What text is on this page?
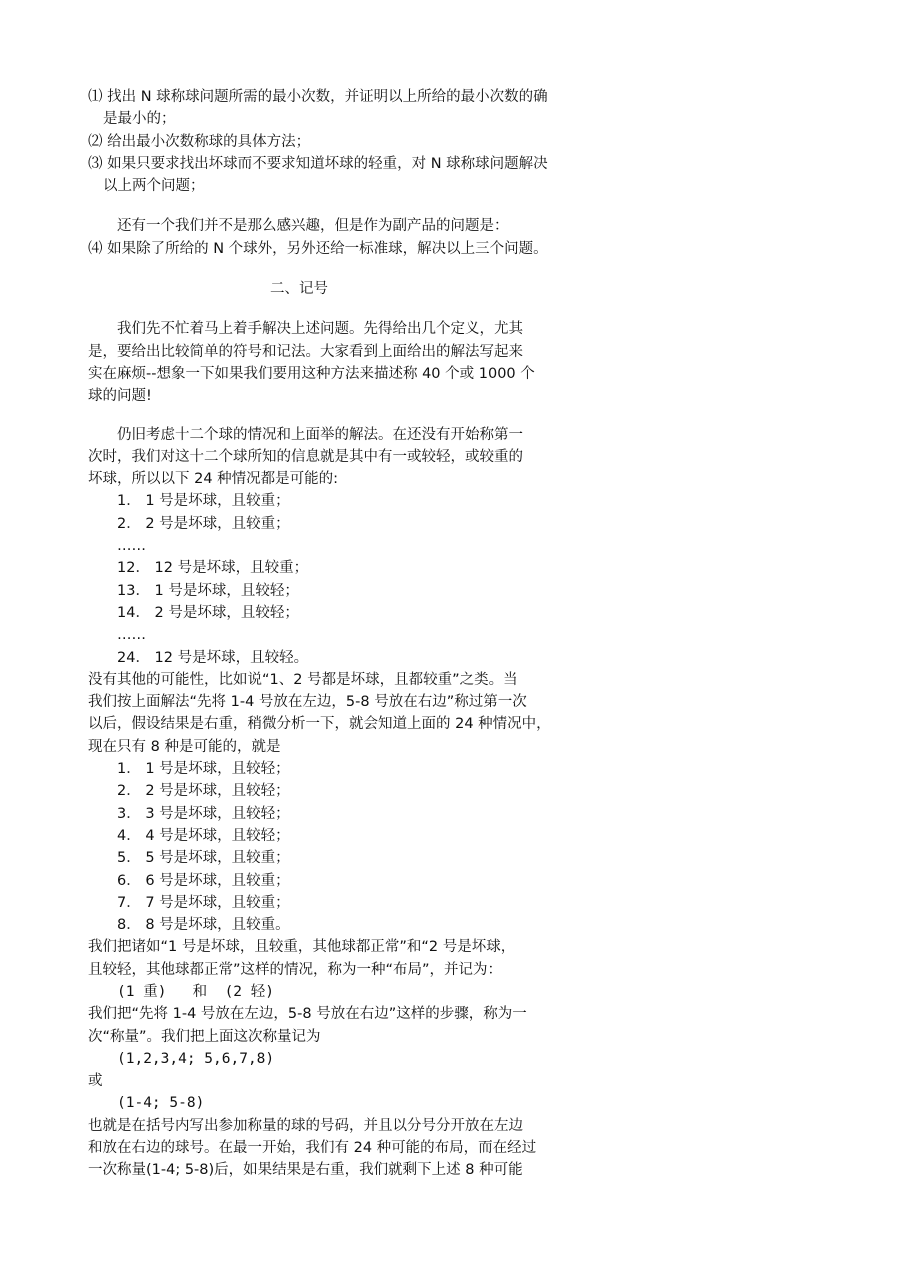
⑴ 找出 N 球称球问题所需的最小次数，并证明以上所给的最小次数的确
是最小的；
⑵ 给出最小次数称球的具体方法；
⑶ 如果只要求找出坏球而不要求知道坏球的轻重，对 N 球称球问题解决
以上两个问题；
还有一个我们并不是那么感兴趣，但是作为副产品的问题是：
⑷ 如果除了所给的 N 个球外，另外还给一标准球，解决以上三个问题。
二、记号
我们先不忙着马上着手解决上述问题。先得给出几个定义，尤其
是，要给出比较简单的符号和记法。大家看到上面给出的解法写起来
实在麻烦--想象一下如果我们要用这种方法来描述称 40 个或 1000 个
球的问题!
仍旧考虑十二个球的情况和上面举的解法。在还没有开始称第一
次时，我们对这十二个球所知的信息就是其中有一或较轻，或较重的
坏球，所以以下 24 种情况都是可能的:
1． 1 号是坏球，且较重；
2． 2 号是坏球，且较重；
……
12． 12 号是坏球，且较重；
13． 1 号是坏球，且较轻；
14． 2 号是坏球，且较轻；
……
24． 12 号是坏球，且较轻。
没有其他的可能性，比如说“1、2 号都是坏球，且都较重”之类。当
我们按上面解法“先将 1-4 号放在左边，5-8 号放在右边”称过第一次
以后，假设结果是右重，稍微分析一下，就会知道上面的 24 种情况中，
现在只有 8 种是可能的，就是
1． 1 号是坏球，且较轻；
2． 2 号是坏球，且较轻；
3． 3 号是坏球，且较轻；
4． 4 号是坏球，且较轻；
5． 5 号是坏球，且较重；
6． 6 号是坏球，且较重；
7． 7 号是坏球，且较重；
8． 8 号是坏球，且较重。
我们把诸如“1 号是坏球，且较重，其他球都正常”和“2 号是坏球，
且较轻，其他球都正常”这样的情况，称为一种“布局”，并记为：
(1 重)   和  (2 轻)
我们把“先将 1-4 号放在左边，5-8 号放在右边”这样的步骤，称为一
次“称量”。我们把上面这次称量记为
(1,2,3,4; 5,6,7,8)
或
(1-4; 5-8)
也就是在括号内写出参加称量的球的号码，并且以分号分开放在左边
和放在右边的球号。在最一开始，我们有 24 种可能的布局，而在经过
一次称量(1-4; 5-8)后，如果结果是右重，我们就剩下上述 8 种可能
